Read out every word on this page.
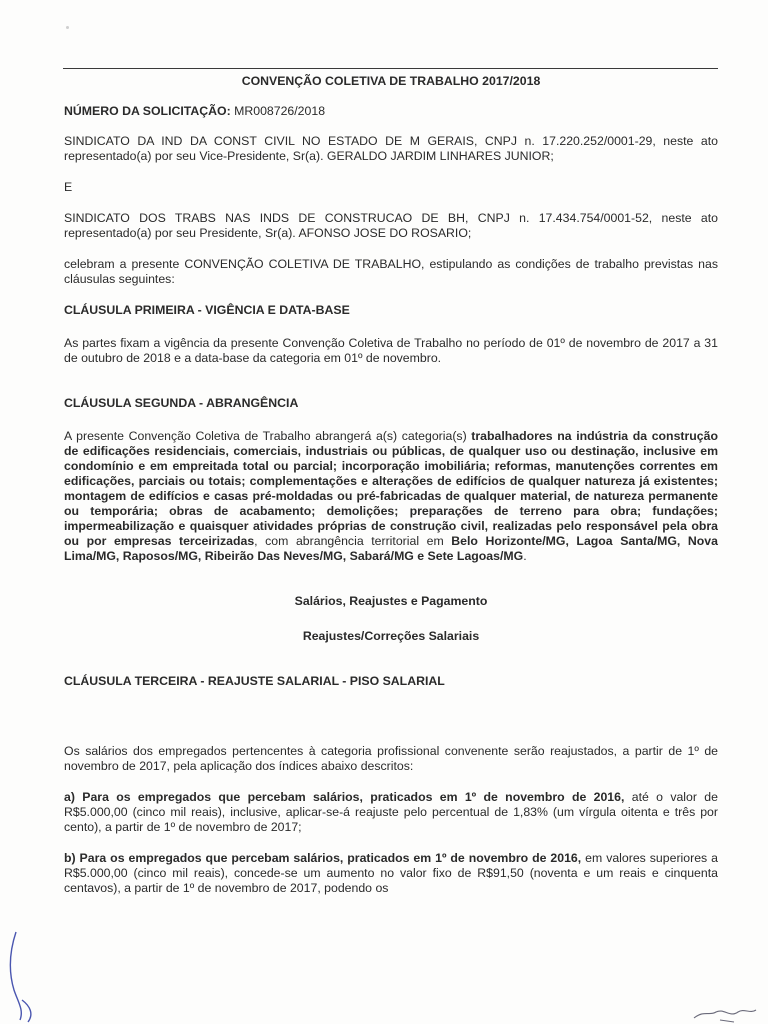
CONVENÇÃO COLETIVA DE TRABALHO 2017/2018

NÚMERO DA SOLICITAÇÃO: MR008726/2018

SINDICATO DA IND DA CONST CIVIL NO ESTADO DE M GERAIS, CNPJ n. 17.220.252/0001-29, neste ato representado(a) por seu Vice-Presidente, Sr(a). GERALDO JARDIM LINHARES JUNIOR;

E

SINDICATO DOS TRABS NAS INDS DE CONSTRUCAO DE BH, CNPJ n. 17.434.754/0001-52, neste ato representado(a) por seu Presidente, Sr(a). AFONSO JOSE DO ROSARIO;

celebram a presente CONVENÇÃO COLETIVA DE TRABALHO, estipulando as condições de trabalho previstas nas cláusulas seguintes:

CLÁUSULA PRIMEIRA - VIGÊNCIA E DATA-BASE

As partes fixam a vigência da presente Convenção Coletiva de Trabalho no período de 01º de novembro de 2017 a 31 de outubro de 2018 e a data-base da categoria em 01º de novembro.

CLÁUSULA SEGUNDA - ABRANGÊNCIA

A presente Convenção Coletiva de Trabalho abrangerá a(s) categoria(s) trabalhadores na indústria da construção de edificações residenciais, comerciais, industriais ou públicas, de qualquer uso ou destinação, inclusive em condomínio e em empreitada total ou parcial; incorporação imobiliária; reformas, manutenções correntes em edificações, parciais ou totais; complementações e alterações de edifícios de qualquer natureza já existentes; montagem de edifícios e casas pré-moldadas ou pré-fabricadas de qualquer material, de natureza permanente ou temporária; obras de acabamento; demolições; preparações de terreno para obra; fundações; impermeabilização e quaisquer atividades próprias de construção civil, realizadas pelo responsável pela obra ou por empresas terceirizadas, com abrangência territorial em Belo Horizonte/MG, Lagoa Santa/MG, Nova Lima/MG, Raposos/MG, Ribeirão Das Neves/MG, Sabará/MG e Sete Lagoas/MG.

Salários, Reajustes e Pagamento

Reajustes/Correções Salariais

CLÁUSULA TERCEIRA - REAJUSTE SALARIAL - PISO SALARIAL

Os salários dos empregados pertencentes à categoria profissional convenente serão reajustados, a partir de 1º de novembro de 2017, pela aplicação dos índices abaixo descritos:

a) Para os empregados que percebam salários, praticados em 1º de novembro de 2016, até o valor de R$5.000,00 (cinco mil reais), inclusive, aplicar-se-á reajuste pelo percentual de 1,83% (um vírgula oitenta e três por cento), a partir de 1º de novembro de 2017;

b) Para os empregados que percebam salários, praticados em 1º de novembro de 2016, em valores superiores a R$5.000,00 (cinco mil reais), concede-se um aumento no valor fixo de R$91,50 (noventa e um reais e cinquenta centavos), a partir de 1º de novembro de 2017, podendo os
